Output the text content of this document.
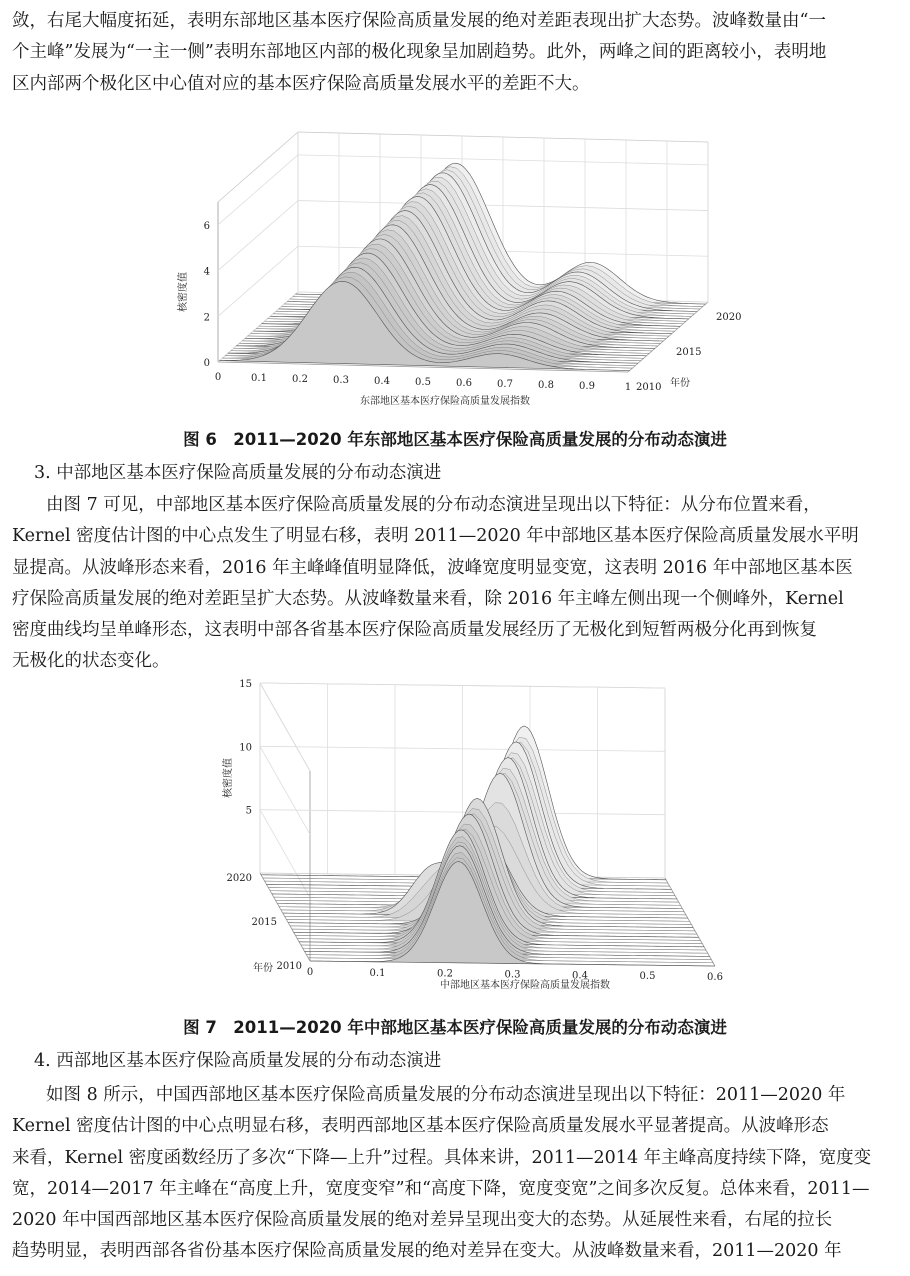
敛，右尾大幅度拓延，表明东部地区基本医疗保险高质量发展的绝对差距表现出扩大态势。波峰数量由“一
个主峰”发展为“一主一侧”表明东部地区内部的极化现象呈加剧趋势。此外，两峰之间的距离较小，表明地
区内部两个极化区中心值对应的基本医疗保险高质量发展水平的差距不大。
0	0.1	0.2	0.3	0.4	0.5	0.6	0.7	0.8	0.9	1
0
2
4
6
2010
2015
2020
东部地区基本医疗保险高质量发展指数
核密度值
年份
图 6　2011—2020 年东部地区基本医疗保险高质量发展的分布动态演进
3. 中部地区基本医疗保险高质量发展的分布动态演进
由图 7 可见，中部地区基本医疗保险高质量发展的分布动态演进呈现出以下特征：从分布位置来看，
Kernel 密度估计图的中心点发生了明显右移，表明 2011—2020 年中部地区基本医疗保险高质量发展水平明
显提高。从波峰形态来看，2016 年主峰峰值明显降低，波峰宽度明显变宽，这表明 2016 年中部地区基本医
疗保险高质量发展的绝对差距呈扩大态势。从波峰数量来看，除 2016 年主峰左侧出现一个侧峰外，Kernel
密度曲线均呈单峰形态，这表明中部各省基本医疗保险高质量发展经历了无极化到短暂两极分化再到恢复
无极化的状态变化。
0	0.1	0.2	0.3	0.4	0.5	0.6
5
10
15
2010
2015
2020
中部地区基本医疗保险高质量发展指数
核密度值
年份
图 7　2011—2020 年中部地区基本医疗保险高质量发展的分布动态演进
4. 西部地区基本医疗保险高质量发展的分布动态演进
如图 8 所示，中国西部地区基本医疗保险高质量发展的分布动态演进呈现出以下特征：2011—2020 年
Kernel 密度估计图的中心点明显右移，表明西部地区基本医疗保险高质量发展水平显著提高。从波峰形态
来看，Kernel 密度函数经历了多次“下降—上升”过程。具体来讲，2011—2014 年主峰高度持续下降，宽度变
宽，2014—2017 年主峰在“高度上升，宽度变窄”和“高度下降，宽度变宽”之间多次反复。总体来看，2011—
2020 年中国西部地区基本医疗保险高质量发展的绝对差异呈现出变大的态势。从延展性来看，右尾的拉长
趋势明显，表明西部各省份基本医疗保险高质量发展的绝对差异在变大。从波峰数量来看，2011—2020 年
